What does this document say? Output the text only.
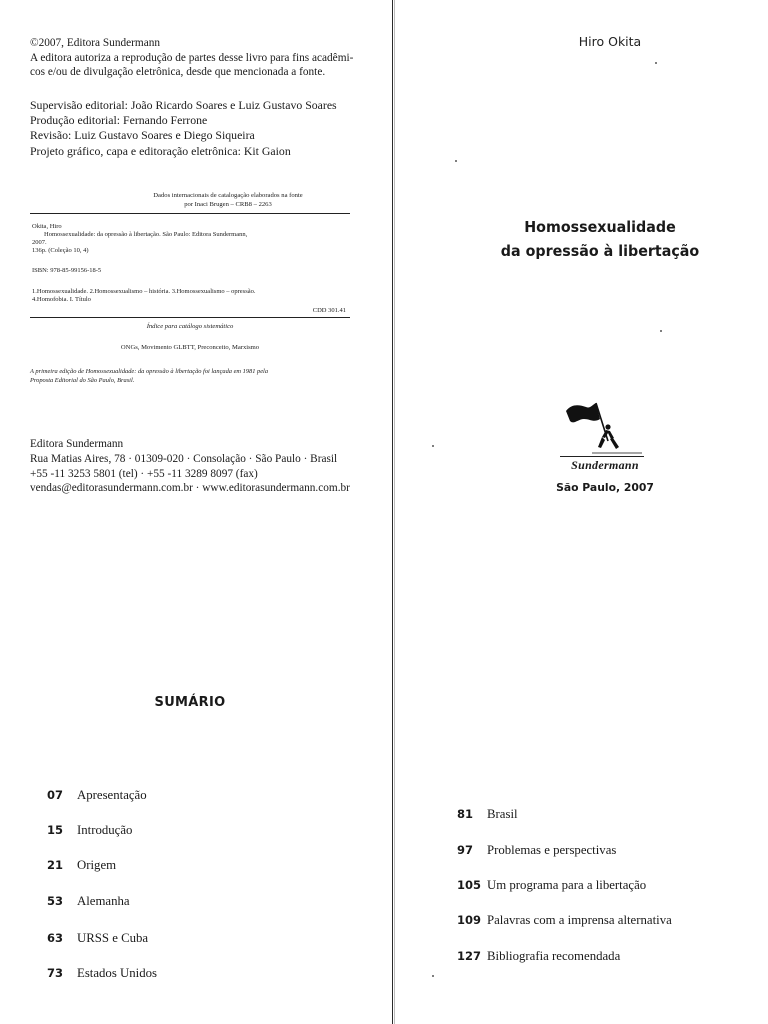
©2007, Editora Sundermann
A editora autoriza a reprodução de partes desse livro para fins acadêmi-
cos e/ou de divulgação eletrônica, desde que mencionada a fonte.
Supervisão editorial: João Ricardo Soares e Luiz Gustavo Soares
Produção editorial: Fernando Ferrone
Revisão: Luiz Gustavo Soares e Diego Siqueira
Projeto gráfico, capa e editoração eletrônica: Kit Gaion
Dados internacionais de catalogação elaborados na fonte
por Inaci Brugen – CRB8 – 2263
Okita, Hiro
Homossexualidade: da opressão à libertação. São Paulo: Editora Sundermann,
2007.
136p. (Coleção 10, 4)
ISBN: 978-85-99156-18-5
1.Homossexualidade. 2.Homossexualismo – história. 3.Homossexualismo – opressão.
4.Homofobia. I. Título
CDD 301.41
Índice para catálogo sistemático
ONGs, Movimento GLBTT, Preconceito, Marxismo
A primeira edição de Homossexualidade: da opressão à libertação foi lançada em 1981 pela
Proposta Editorial do São Paulo, Brasil.
Editora Sundermann
Rua Matias Aires, 78 · 01309-020 · Consolação · São Paulo · Brasil
+55 -11 3253 5801 (tel) · +55 -11 3289 8097 (fax)
vendas@editorasundermann.com.br · www.editorasundermann.com.br
SUMÁRIO
07 Apresentação
15 Introdução
21 Origem
53 Alemanha
63 URSS e Cuba
73 Estados Unidos
Hiro Okita
Homossexualidade
da opressão à libertação
Sundermann
São Paulo, 2007
81 Brasil
97 Problemas e perspectivas
105 Um programa para a libertação
109 Palavras com a imprensa alternativa
127 Bibliografia recomendada
